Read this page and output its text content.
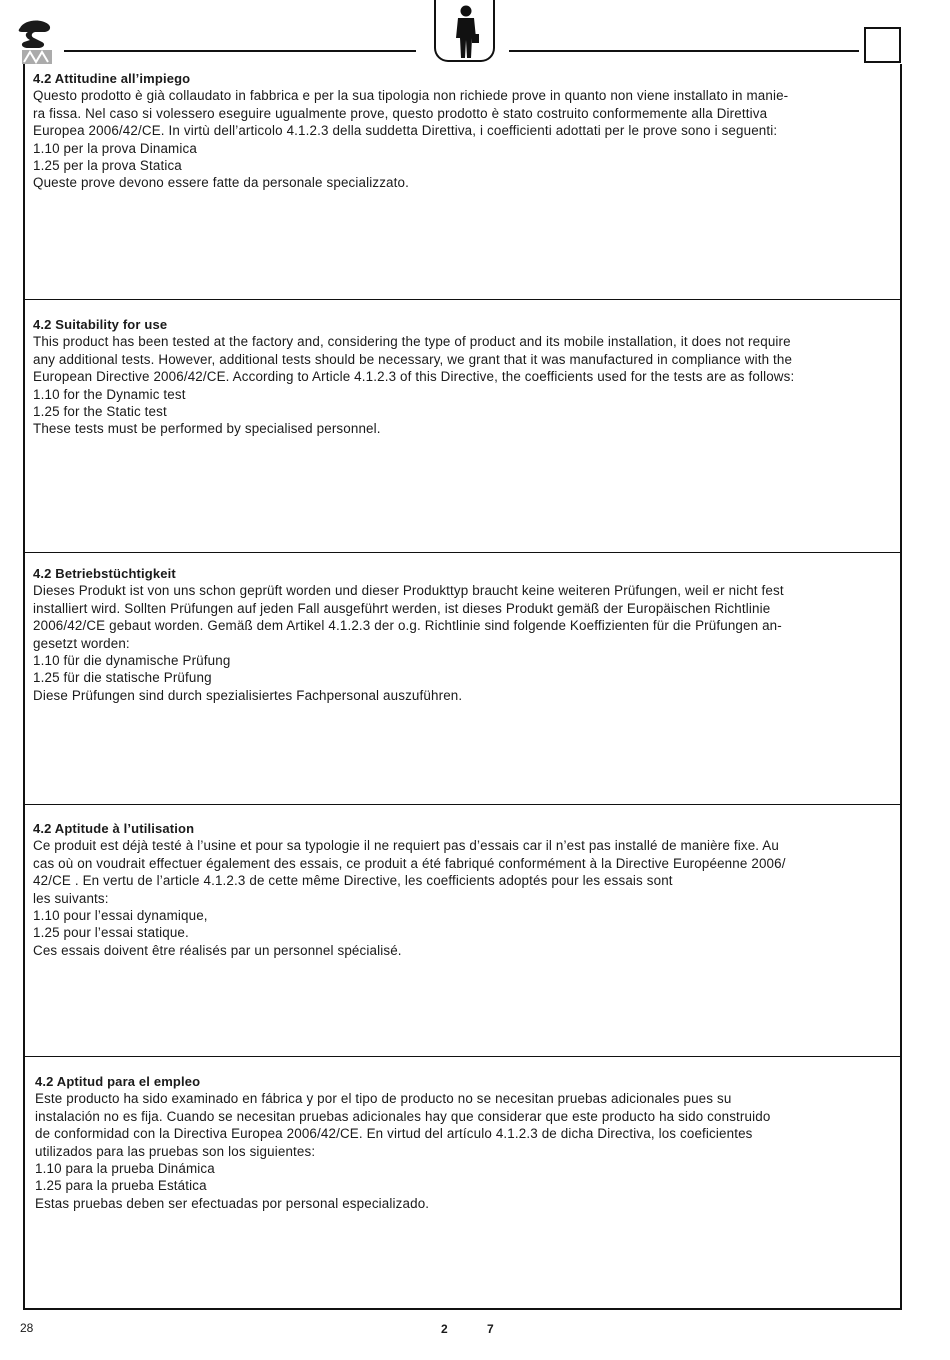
4.2 Attitudine all’impiego

Questo prodotto è già collaudato in fabbrica e per la sua tipologia non richiede prove in quanto non viene installato in manie-

ra fissa. Nel caso si volessero eseguire ugualmente prove, questo prodotto è stato costruito conformemente alla Direttiva

Europea 2006/42/CE. In virtù dell’articolo 4.1.2.3 della suddetta Direttiva, i coefficienti adottati per le prove sono i seguenti:

1.10 per la prova Dinamica

1.25 per la prova Statica

Queste prove devono essere fatte da personale specializzato.

4.2 Suitability for use

This product has been tested at the factory and, considering the type of product and its mobile installation, it does not require

any additional tests. However, additional tests should be necessary, we grant that it was manufactured in compliance with the

European Directive 2006/42/CE. According to Article 4.1.2.3 of this Directive, the coefficients used for the tests are as follows:

1.10 for the Dynamic test

1.25 for the Static test

These tests must be performed by specialised personnel.

4.2 Betriebstüchtigkeit

Dieses Produkt ist von uns schon geprüft worden und dieser Produkttyp braucht keine weiteren Prüfungen, weil er nicht fest

installiert wird. Sollten Prüfungen auf jeden Fall ausgeführt werden, ist dieses Produkt gemäß der Europäischen Richtlinie

2006/42/CE gebaut worden. Gemäß dem Artikel 4.1.2.3 der o.g. Richtlinie sind folgende Koeffizienten für die Prüfungen an-

gesetzt worden:

1.10 für die dynamische Prüfung

1.25 für die statische Prüfung

Diese Prüfungen sind durch spezialisiertes Fachpersonal auszuführen.

4.2 Aptitude à l’utilisation

Ce produit est déjà testé à l’usine et pour sa typologie il ne requiert pas d’essais car il n’est pas installé de manière fixe. Au

cas où on voudrait effectuer également des essais, ce produit a été fabriqué conformément à la Directive Européenne 2006/

42/CE . En vertu de l’article 4.1.2.3 de cette même Directive, les coefficients adoptés pour les essais sont

les suivants:

1.10 pour l’essai dynamique,

1.25 pour l’essai statique.

Ces essais doivent être réalisés par un personnel spécialisé.

4.2 Aptitud para el empleo

Este producto ha sido examinado en fábrica y por el tipo de producto no se necesitan pruebas adicionales pues su

instalación no es fija. Cuando se necesitan pruebas adicionales hay que considerar que este producto ha sido construido

de conformidad con la Directiva Europea 2006/42/CE. En virtud del artículo 4.1.2.3 de dicha Directiva, los coeficientes

utilizados para las pruebas son los siguientes:

1.10 para la prueba Dinámica

1.25 para la prueba Estática

Estas pruebas deben ser efectuadas por personal especializado.

28	2	7
